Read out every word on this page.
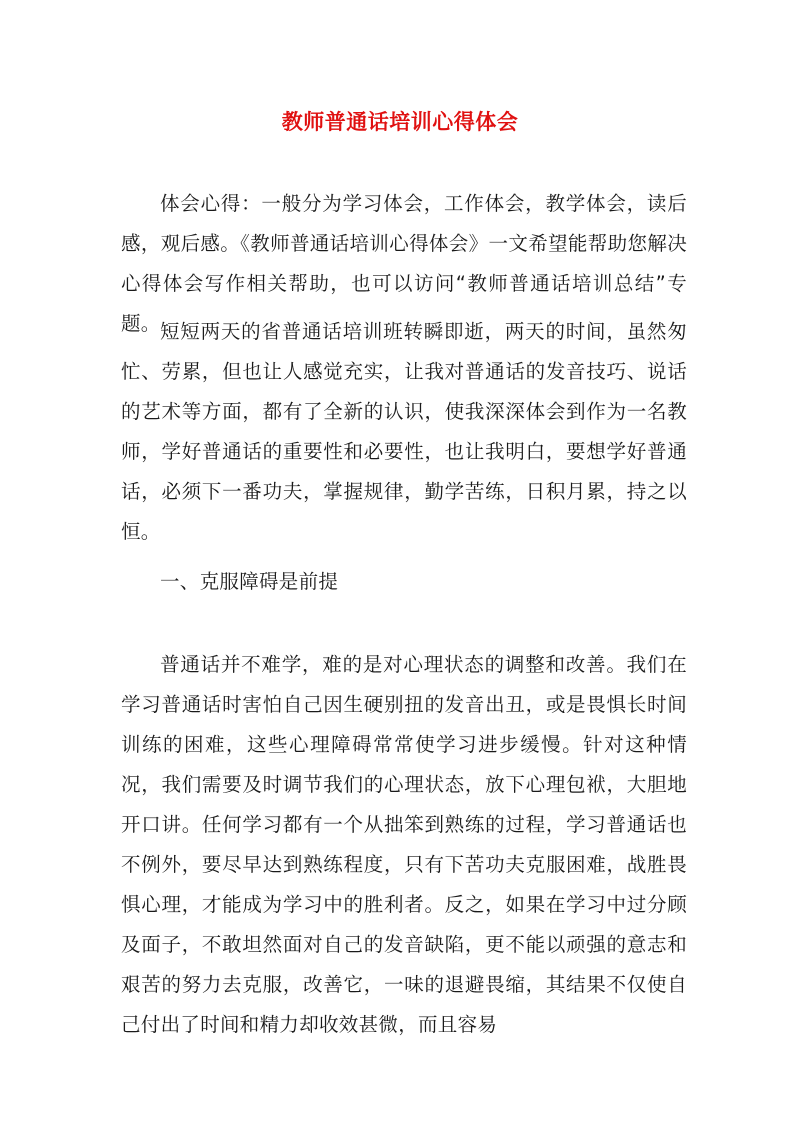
教师普通话培训心得体会

体会心得：一般分为学习体会，工作体会，教学体会，读后感，观后感。《教师普通话培训心得体会》一文希望能帮助您解决心得体会写作相关帮助，也可以访问“教师普通话培训总结”专题。 短短两天的省普通话培训班转瞬即逝，两天的时间，虽然匆忙、劳累，但也让人感觉充实，让我对普通话的发音技巧、说话的艺术等方面，都有了全新的认识，使我深深体会到作为一名教师，学好普通话的重要性和必要性，也让我明白，要想学好普通话，必须下一番功夫，掌握规律，勤学苦练，日积月累，持之以恒。

一、克服障碍是前提

普通话并不难学，难的是对心理状态的调整和改善。我们在学习普通话时害怕自己因生硬别扭的发音出丑，或是畏惧长时间训练的困难，这些心理障碍常常使学习进步缓慢。针对这种情况，我们需要及时调节我们的心理状态，放下心理包袱，大胆地开口讲。任何学习都有一个从拙笨到熟练的过程，学习普通话也不例外，要尽早达到熟练程度，只有下苦功夫克服困难，战胜畏惧心理，才能成为学习中的胜利者。反之，如果在学习中过分顾及面子，不敢坦然面对自己的发音缺陷，更不能以顽强的意志和艰苦的努力去克服，改善它，一味的退避畏缩，其结果不仅使自己付出了时间和精力却收效甚微，而且容易
